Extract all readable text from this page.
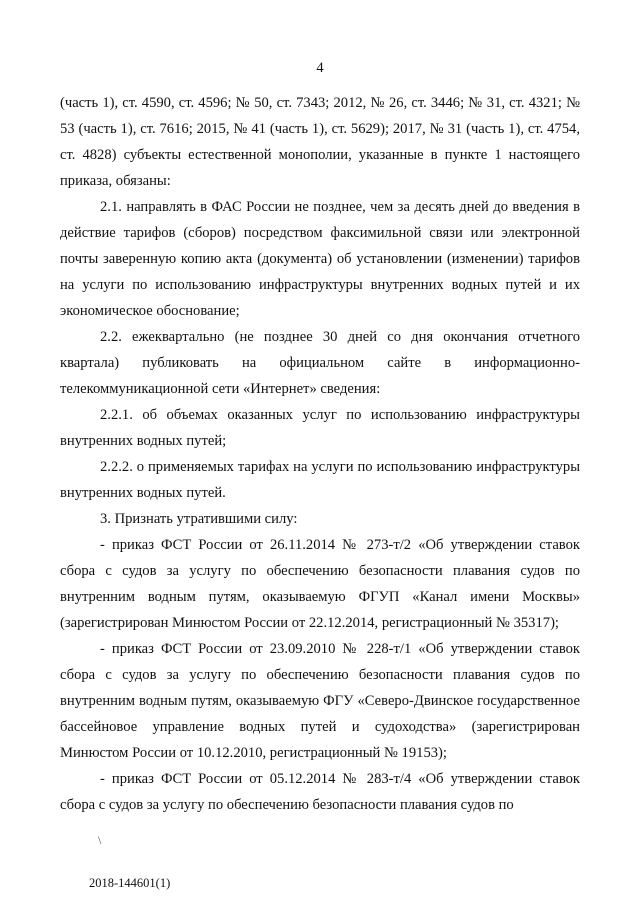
4

(часть 1), ст. 4590, ст. 4596; № 50, ст. 7343; 2012, № 26, ст. 3446; № 31, ст. 4321; № 53 (часть 1), ст. 7616; 2015, № 41 (часть 1), ст. 5629); 2017, № 31 (часть 1), ст. 4754, ст. 4828) субъекты естественной монополии, указанные в пункте 1 настоящего приказа, обязаны:

2.1. направлять в ФАС России не позднее, чем за десять дней до введения в действие тарифов (сборов) посредством факсимильной связи или электронной почты заверенную копию акта (документа) об установлении (изменении) тарифов на услуги по использованию инфраструктуры внутренних водных путей и их экономическое обоснование;

2.2. ежеквартально (не позднее 30 дней со дня окончания отчетного квартала) публиковать на официальном сайте в информационно-телекоммуникационной сети «Интернет» сведения:

2.2.1. об объемах оказанных услуг по использованию инфраструктуры внутренних водных путей;

2.2.2. о применяемых тарифах на услуги по использованию инфраструктуры внутренних водных путей.

3. Признать утратившими силу:

- приказ ФСТ России от 26.11.2014 № 273-т/2 «Об утверждении ставок сбора с судов за услугу по обеспечению безопасности плавания судов по внутренним водным путям, оказываемую ФГУП «Канал имени Москвы» (зарегистрирован Минюстом России от 22.12.2014, регистрационный № 35317);

- приказ ФСТ России от 23.09.2010 № 228-т/1 «Об утверждении ставок сбора с судов за услугу по обеспечению безопасности плавания судов по внутренним водным путям, оказываемую ФГУ «Северо-Двинское государственное бассейновое управление водных путей и судоходства» (зарегистрирован Минюстом России от 10.12.2010, регистрационный № 19153);

- приказ ФСТ России от 05.12.2014 № 283-т/4 «Об утверждении ставок сбора с судов за услугу по обеспечению безопасности плавания судов по

\
2018-144601(1)
